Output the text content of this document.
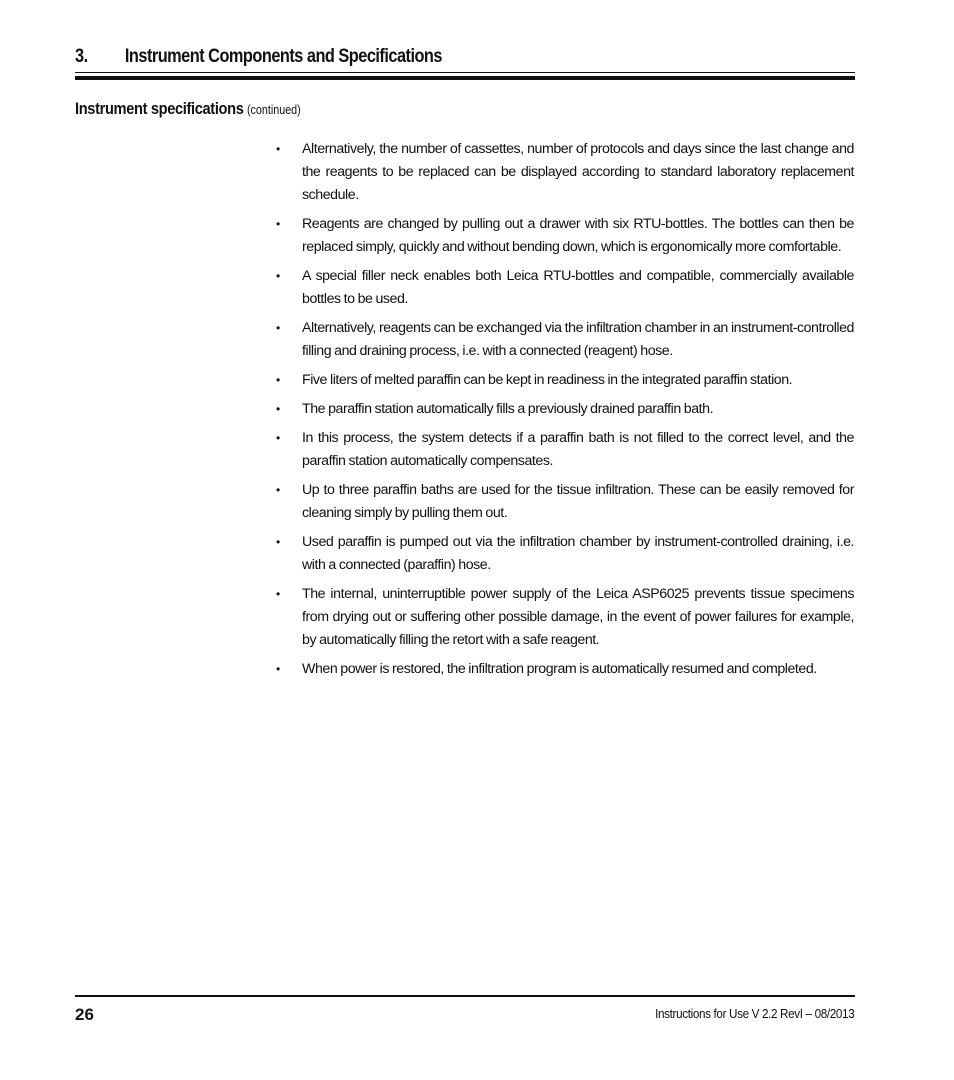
3. Instrument Components and Specifications
Instrument specifications (continued)
• Alternatively, the number of cassettes, number of protocols and days since the last change and the reagents to be replaced can be displayed according to standard laboratory replacement schedule.
• Reagents are changed by pulling out a drawer with six RTU-bottles. The bottles can then be replaced simply, quickly and without bending down, which is ergonomically more comfortable.
• A special filler neck enables both Leica RTU-bottles and compatible, commercially available bottles to be used.
• Alternatively, reagents can be exchanged via the infiltration chamber in an instrument-controlled filling and draining process, i.e. with a connected (reagent) hose.
• Five liters of melted paraffin can be kept in readiness in the integrated paraffin station.
• The paraffin station automatically fills a previously drained paraffin bath.
• In this process, the system detects if a paraffin bath is not filled to the correct level, and the paraffin station automatically compensates.
• Up to three paraffin baths are used for the tissue infiltration. These can be easily removed for cleaning simply by pulling them out.
• Used paraffin is pumped out via the infiltration chamber by instrument-controlled draining, i.e. with a connected (paraffin) hose.
• The internal, uninterruptible power supply of the Leica ASP6025 prevents tissue specimens from drying out or suffering other possible damage, in the event of power failures for example, by automatically filling the retort with a safe reagent.
• When power is restored, the infiltration program is automatically resumed and completed.
26	Instructions for Use V 2.2 RevI – 08/2013
